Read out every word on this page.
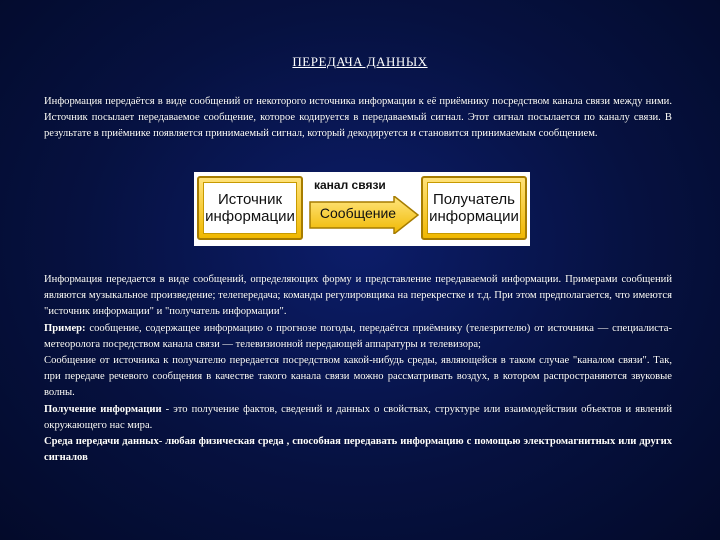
ПЕРЕДАЧА ДАННЫХ
Информация передаётся в виде сообщений от некоторого источника информации к её приёмнику посредством канала связи между ними. Источник посылает передаваемое сообщение, которое кодируется в передаваемый сигнал. Этот сигнал посылается по каналу связи. В результате в приёмнике появляется принимаемый сигнал, который декодируется и становится принимаемым сообщением.
Источник
информации
канал связи
Сообщение
Получатель
информации
Информация передается в виде сообщений, определяющих форму и представление передаваемой информации. Примерами сообщений являются музыкальное произведение; телепередача; команды регулировщика на перекрестке и т.д. При этом предполагается, что имеются "источник информации" и "получатель информации".
Пример: сообщение, содержащее информацию о прогнозе погоды, передаётся приёмнику (телезрителю) от источника — специалиста-метеоролога посредством канала связи — телевизионной передающей аппаратуры и телевизора;
Сообщение от источника к получателю передается посредством какой-нибудь среды, являющейся в таком случае "каналом связи". Так, при передаче речевого сообщения в качестве такого канала связи можно рассматривать воздух, в котором распространяются звуковые волны.
Получение информации - это получение фактов, сведений и данных о свойствах, структуре или взаимодействии объектов и явлений окружающего нас мира.
Среда передачи данных- любая физическая среда , способная передавать информацию с помощью электромагнитных или других сигналов
